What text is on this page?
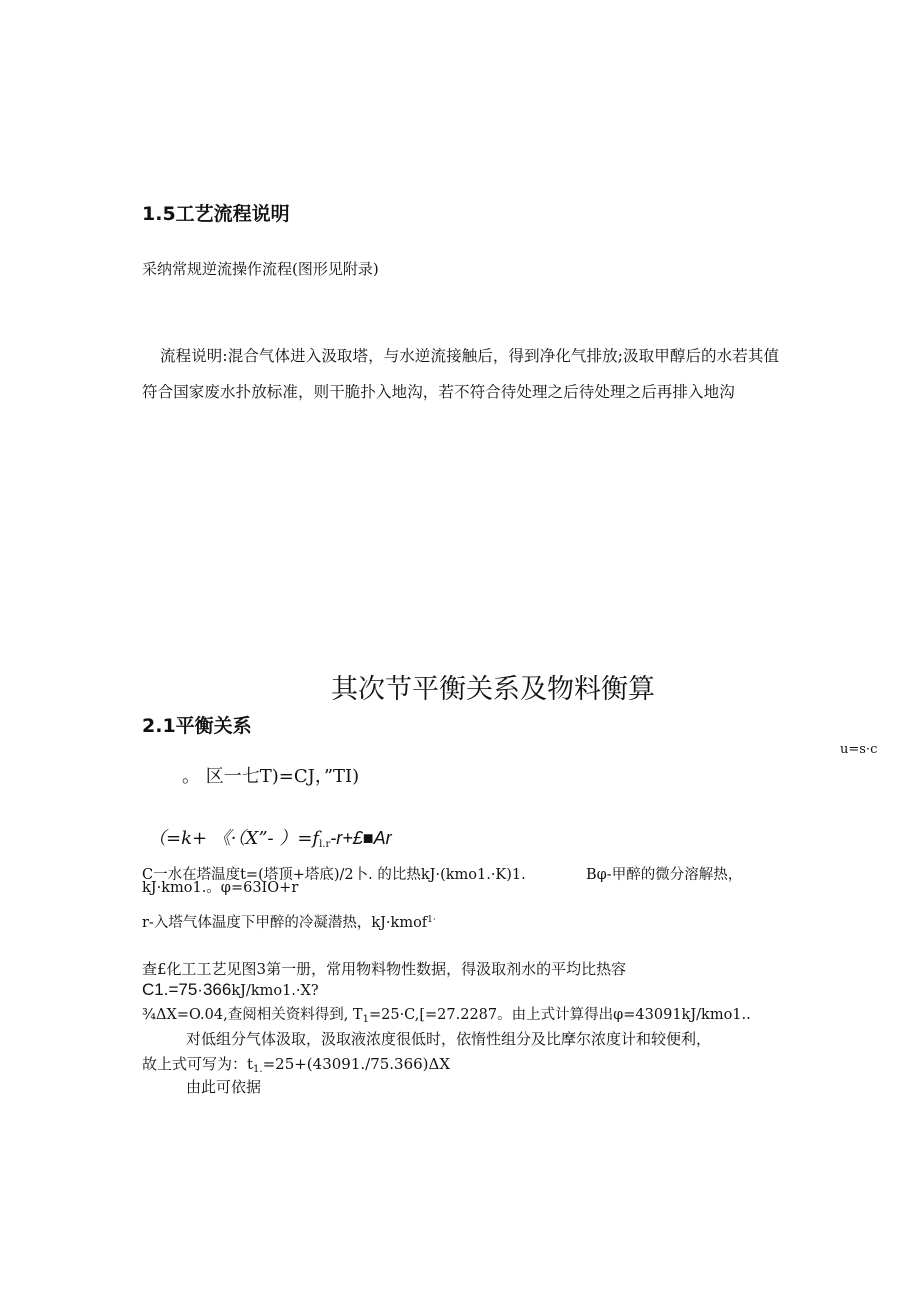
1.5工艺流程说明
采纳常规逆流操作流程(图形见附录)
流程说明:混合气体进入汲取塔，与水逆流接触后，得到净化气排放;汲取甲醇后的水若其值
符合国家废水扑放标准，则干脆扑入地沟，若不符合待处理之后待处理之后再排入地沟
其次节平衡关系及物料衡算
2.1平衡关系
u=s·c
。 区一七T)=CJ，”TI)
（=k+ 《·（X”- ）$=f_{l.r}-r+£■Ar$
C一水在塔温度t=(塔顶+塔底)/2卜. 的比热kJ·(kmo1.·K)1.	Bφ-甲醉的微分溶解热，
kJ·kmo1.。φ=63IO+r
r-入塔气体温度下甲醉的冷凝潜热，kJ·kmof$^{1\cdot}$
查£化工工艺见图3第一册，常用物料物性数据，得汲取剂水的平均比热容
C1.=75·366kJ/kmo1.·X?
¾ΔX=O.04,查阅相关资料得到, $T_1=25\cdot C,[=27.2287$。由上式计算得出φ=43091kJ/kmo1..
对低组分气体汲取，汲取液浓度很低时，依惰性组分及比摩尔浓度计和较便利，
故上式可写为：$t_{1.}=25+(43091./75.366)\Delta X$
由此可依据
